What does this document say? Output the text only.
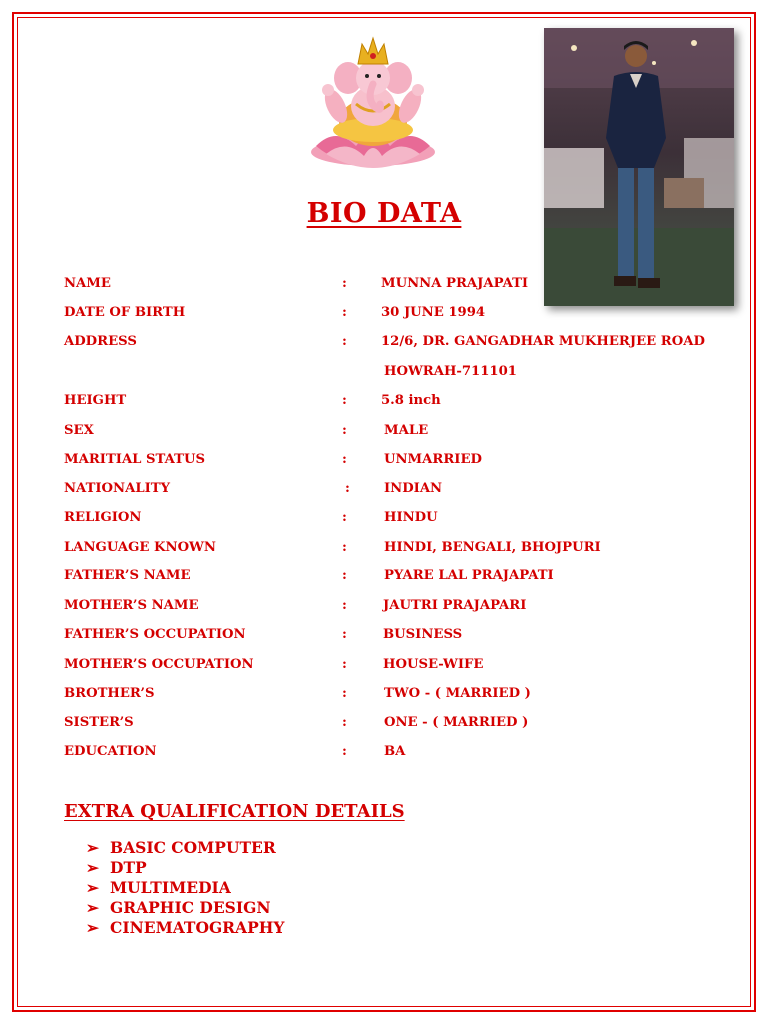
BIO DATA
NAME	:	MUNNA PRAJAPATI
DATE OF BIRTH	:	30 JUNE 1994
ADDRESS	:	12/6, DR. GANGADHAR MUKHERJEE ROAD
HOWRAH-711101
HEIGHT	:	5.8 inch
SEX	:	MALE
MARITIAL STATUS	:	UNMARRIED
NATIONALITY	:	INDIAN
RELIGION	:	HINDU
LANGUAGE KNOWN	:	HINDI, BENGALI, BHOJPURI
FATHER’S NAME	:	PYARE LAL PRAJAPATI
MOTHER’S NAME	:	JAUTRI PRAJAPARI
FATHER’S OCCUPATION	:	BUSINESS
MOTHER’S OCCUPATION	:	HOUSE-WIFE
BROTHER’S	:	TWO - ( MARRIED )
SISTER’S	:	ONE - ( MARRIED )
EDUCATION	:	BA
EXTRA QUALIFICATION DETAILS
➢ BASIC COMPUTER
➢ DTP
➢ MULTIMEDIA
➢ GRAPHIC DESIGN
➢ CINEMATOGRAPHY
